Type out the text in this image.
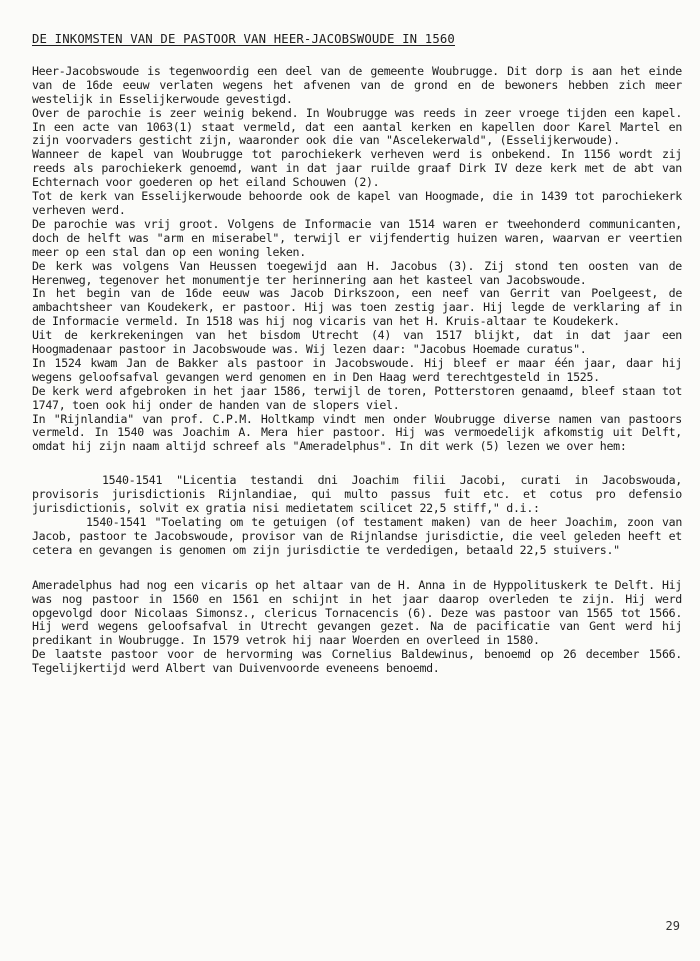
DE INKOMSTEN VAN DE PASTOOR VAN HEER-JACOBSWOUDE IN 1560

Heer-Jacobswoude is tegenwoordig een deel van de gemeente Woubrugge. Dit dorp is aan het einde van de 16de eeuw verlaten wegens het afvenen van de grond en de bewoners hebben zich meer westelijk in Esselijkerwoude gevestigd.

Over de parochie is zeer weinig bekend. In Woubrugge was reeds in zeer vroege tijden een kapel. In een acte van 1063(1) staat vermeld, dat een aantal kerken en kapellen door Karel Martel en zijn voorvaders gesticht zijn, waaronder ook die van "Ascelekerwald", (Esselijkerwoude).

Wanneer de kapel van Woubrugge tot parochiekerk verheven werd is onbekend. In 1156 wordt zij reeds als parochiekerk genoemd, want in dat jaar ruilde graaf Dirk IV deze kerk met de abt van Echternach voor goederen op het eiland Schouwen (2).

Tot de kerk van Esselijkerwoude behoorde ook de kapel van Hoogmade, die in 1439 tot parochiekerk verheven werd.

De parochie was vrij groot. Volgens de Informacie van 1514 waren er tweehonderd communicanten, doch de helft was "arm en miserabel", terwijl er vijfendertig huizen waren, waarvan er veertien meer op een stal dan op een woning leken.

De kerk was volgens Van Heussen toegewijd aan H. Jacobus (3). Zij stond ten oosten van de Herenweg, tegenover het monumentje ter herinnering aan het kasteel van Jacobswoude.

In het begin van de 16de eeuw was Jacob Dirkszoon, een neef van Gerrit van Poelgeest, de ambachtsheer van Koudekerk, er pastoor. Hij was toen zestig jaar. Hij legde de verklaring af in de Informacie vermeld. In 1518 was hij nog vicaris van het H. Kruis-altaar te Koudekerk.

Uit de kerkrekeningen van het bisdom Utrecht (4) van 1517 blijkt, dat in dat jaar een Hoogmadenaar pastoor in Jacobswoude was. Wij lezen daar: "Jacobus Hoemade curatus".

In 1524 kwam Jan de Bakker als pastoor in Jacobswoude. Hij bleef er maar één jaar, daar hij wegens geloofsafval gevangen werd genomen en in Den Haag werd terechtgesteld in 1525.

De kerk werd afgebroken in het jaar 1586, terwijl de toren, Potterstoren genaamd, bleef staan tot 1747, toen ook hij onder de handen van de slopers viel.

In "Rijnlandia" van prof. C.P.M. Holtkamp vindt men onder Woubrugge diverse namen van pastoors vermeld. In 1540 was Joachim A. Mera hier pastoor. Hij was vermoedelijk afkomstig uit Delft, omdat hij zijn naam altijd schreef als "Ameradelphus". In dit werk (5) lezen we over hem:

1540-1541 "Licentia testandi dni Joachim filii Jacobi, curati in Jacobswouda, provisoris jurisdictionis Rijnlandiae, qui multo passus fuit etc. et cotus pro defensio jurisdictionis, solvit ex gratia nisi medietatem scilicet 22,5 stiff," d.i.:

1540-1541 "Toelating om te getuigen (of testament maken) van de heer Joachim, zoon van Jacob, pastoor te Jacobswoude, provisor van de Rijnlandse jurisdictie, die veel geleden heeft et cetera en gevangen is genomen om zijn jurisdictie te verdedigen, betaald 22,5 stuivers."

Ameradelphus had nog een vicaris op het altaar van de H. Anna in de Hyppolituskerk te Delft. Hij was nog pastoor in 1560 en 1561 en schijnt in het jaar daarop overleden te zijn. Hij werd opgevolgd door Nicolaas Simonsz., clericus Tornacencis (6). Deze was pastoor van 1565 tot 1566. Hij werd wegens geloofsafval in Utrecht gevangen gezet. Na de pacificatie van Gent werd hij predikant in Woubrugge. In 1579 vetrok hij naar Woerden en overleed in 1580.

De laatste pastoor voor de hervorming was Cornelius Baldewinus, benoemd op 26 december 1566. Tegelijkertijd werd Albert van Duivenvoorde eveneens benoemd.

29
